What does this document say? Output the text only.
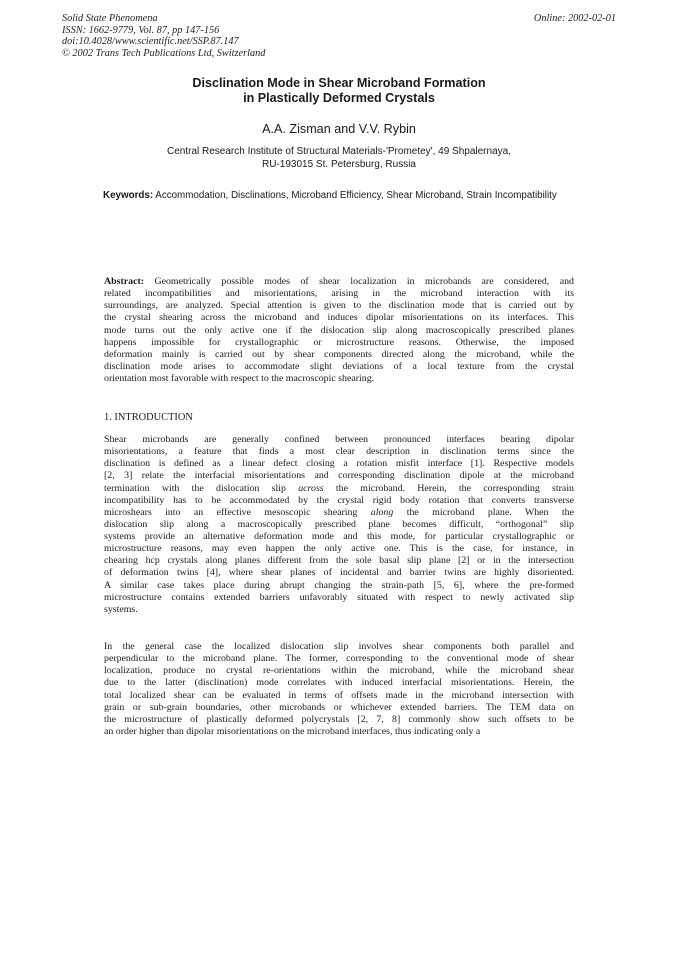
Solid State Phenomena
ISSN: 1662-9779, Vol. 87, pp 147-156
doi:10.4028/www.scientific.net/SSP.87.147
© 2002 Trans Tech Publications Ltd, Switzerland
Online: 2002-02-01
Disclination Mode in Shear Microband Formation
in Plastically Deformed Crystals
A.A. Zisman and V.V. Rybin
Central Research Institute of Structural Materials-'Prometey', 49 Shpalernaya,
RU-193015 St. Petersburg, Russia
Keywords: Accommodation, Disclinations, Microband Efficiency, Shear Microband, Strain Incompatibility
Abstract: Geometrically possible modes of shear localization in microbands are considered, and
related incompatibilities and misorientations, arising in the microband interaction with its
surroundings, are analyzed. Special attention is given to the disclination mode that is carried out by
the crystal shearing across the microband and induces dipolar misorientations on its interfaces. This
mode turns out the only active one if the dislocation slip along macroscopically prescribed planes
happens impossible for crystallographic or microstructure reasons. Otherwise, the imposed
deformation mainly is carried out by shear components directed along the microband, while the
disclination mode arises to accommodate slight deviations of a local texture from the crystal
orientation most favorable with respect to the macroscopic shearing.
1. INTRODUCTION
Shear microbands are generally confined between pronounced interfaces bearing dipolar
misorientations, a feature that finds a most clear description in disclination terms since the
disclination is defined as a linear defect closing a rotation misfit interface [1]. Respective models
[2, 3] relate the interfacial misorientations and corresponding disclination dipole at the microband
termination with the dislocation slip across the microband. Herein, the corresponding strain
incompatibility has to be accommodated by the crystal rigid body rotation that converts transverse
microshears into an effective mesoscopic shearing along the microband plane. When the
dislocation slip along a macroscopically prescribed plane becomes difficult, “orthogonal” slip
systems provide an alternative deformation mode and this mode, for particular crystallographic or
microstructure reasons, may even happen the only active one. This is the case, for instance, in
chearing hcp crystals along planes different from the sole basal slip plane [2] or in the intersection
of deformation twins [4], where shear planes of incidental and barrier twins are highly disoriented.
A similar case takes place during abrupt changing the strain-path [5, 6], where the pre-formed
microstructure contains extended barriers unfavorably situated with respect to newly activated slip
systems.
In the general case the localized dislocation slip involves shear components both parallel and
perpendicular to the microband plane. The former, corresponding to the conventional mode of shear
localization, produce no crystal re-orientations within the microband, while the microband shear
due to the latter (disclination) mode correlates with induced interfacial misorientations. Herein, the
total localized shear can be evaluated in terms of offsets made in the microband intersection with
grain or sub-grain boundaries, other microbands or whichever extended barriers. The TEM data on
the microstructure of plastically deformed polycrystals [2, 7, 8] commonly show such offsets to be
an order higher than dipolar misorientations on the microband interfaces, thus indicating only a
